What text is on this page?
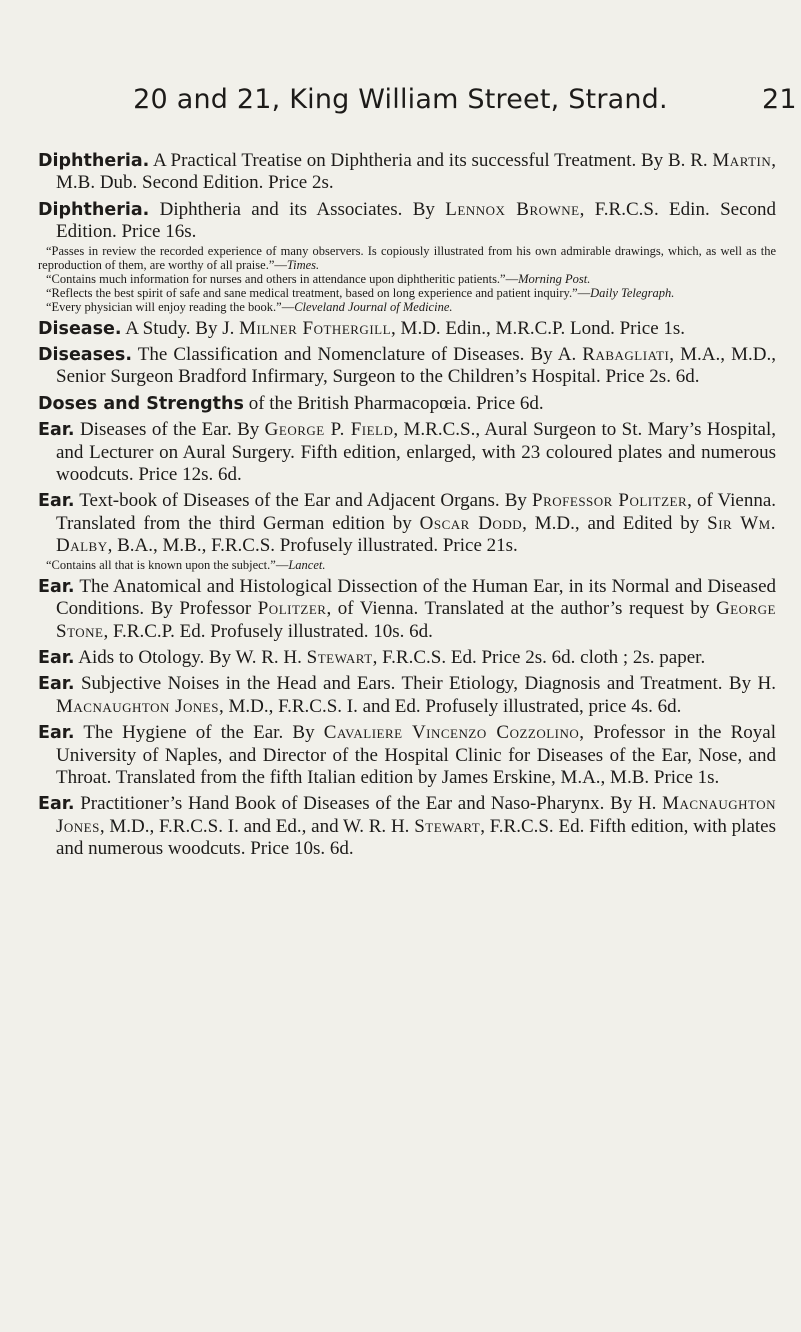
20 and 21, King William Street, Strand.	21
Diphtheria. A Practical Treatise on Diphtheria and its successful Treatment. By B. R. Martin, M.B. Dub. Second Edition. Price 2s.
Diphtheria. Diphtheria and its Associates. By Lennox Browne, F.R.C.S. Edin. Second Edition. Price 16s.
“Passes in review the recorded experience of many observers. Is copiously illustrated from his own admirable drawings, which, as well as the reproduction of them, are worthy of all praise.”—Times.
“Contains much information for nurses and others in attendance upon diphtheritic patients.”—Morning Post.
“Reflects the best spirit of safe and sane medical treatment, based on long experience and patient inquiry.”—Daily Telegraph.
“Every physician will enjoy reading the book.”—Cleveland Journal of Medicine.
Disease. A Study. By J. Milner Fothergill, M.D. Edin., M.R.C.P. Lond. Price 1s.
Diseases. The Classification and Nomenclature of Diseases. By A. Rabagliati, M.A., M.D., Senior Surgeon Bradford Infirmary, Surgeon to the Children’s Hospital. Price 2s. 6d.
Doses and Strengths of the British Pharmacopœia. Price 6d.
Ear. Diseases of the Ear. By George P. Field, M.R.C.S., Aural Surgeon to St. Mary’s Hospital, and Lecturer on Aural Surgery. Fifth edition, enlarged, with 23 coloured plates and numerous woodcuts. Price 12s. 6d.
Ear. Text-book of Diseases of the Ear and Adjacent Organs. By Professor Politzer, of Vienna. Translated from the third German edition by Oscar Dodd, M.D., and Edited by Sir Wm. Dalby, B.A., M.B., F.R.C.S. Profusely illustrated. Price 21s.
“Contains all that is known upon the subject.”—Lancet.
Ear. The Anatomical and Histological Dissection of the Human Ear, in its Normal and Diseased Conditions. By Professor Politzer, of Vienna. Translated at the author’s request by George Stone, F.R.C.P. Ed. Profusely illustrated. 10s. 6d.
Ear. Aids to Otology. By W. R. H. Stewart, F.R.C.S. Ed. Price 2s. 6d. cloth ; 2s. paper.
Ear. Subjective Noises in the Head and Ears. Their Etiology, Diagnosis and Treatment. By H. Macnaughton Jones, M.D., F.R.C.S. I. and Ed. Profusely illustrated, price 4s. 6d.
Ear. The Hygiene of the Ear. By Cavaliere Vincenzo Cozzolino, Professor in the Royal University of Naples, and Director of the Hospital Clinic for Diseases of the Ear, Nose, and Throat. Translated from the fifth Italian edition by James Erskine, M.A., M.B. Price 1s.
Ear. Practitioner’s Hand Book of Diseases of the Ear and Naso-Pharynx. By H. Macnaughton Jones, M.D., F.R.C.S. I. and Ed., and W. R. H. Stewart, F.R.C.S. Ed. Fifth edition, with plates and numerous woodcuts. Price 10s. 6d.
